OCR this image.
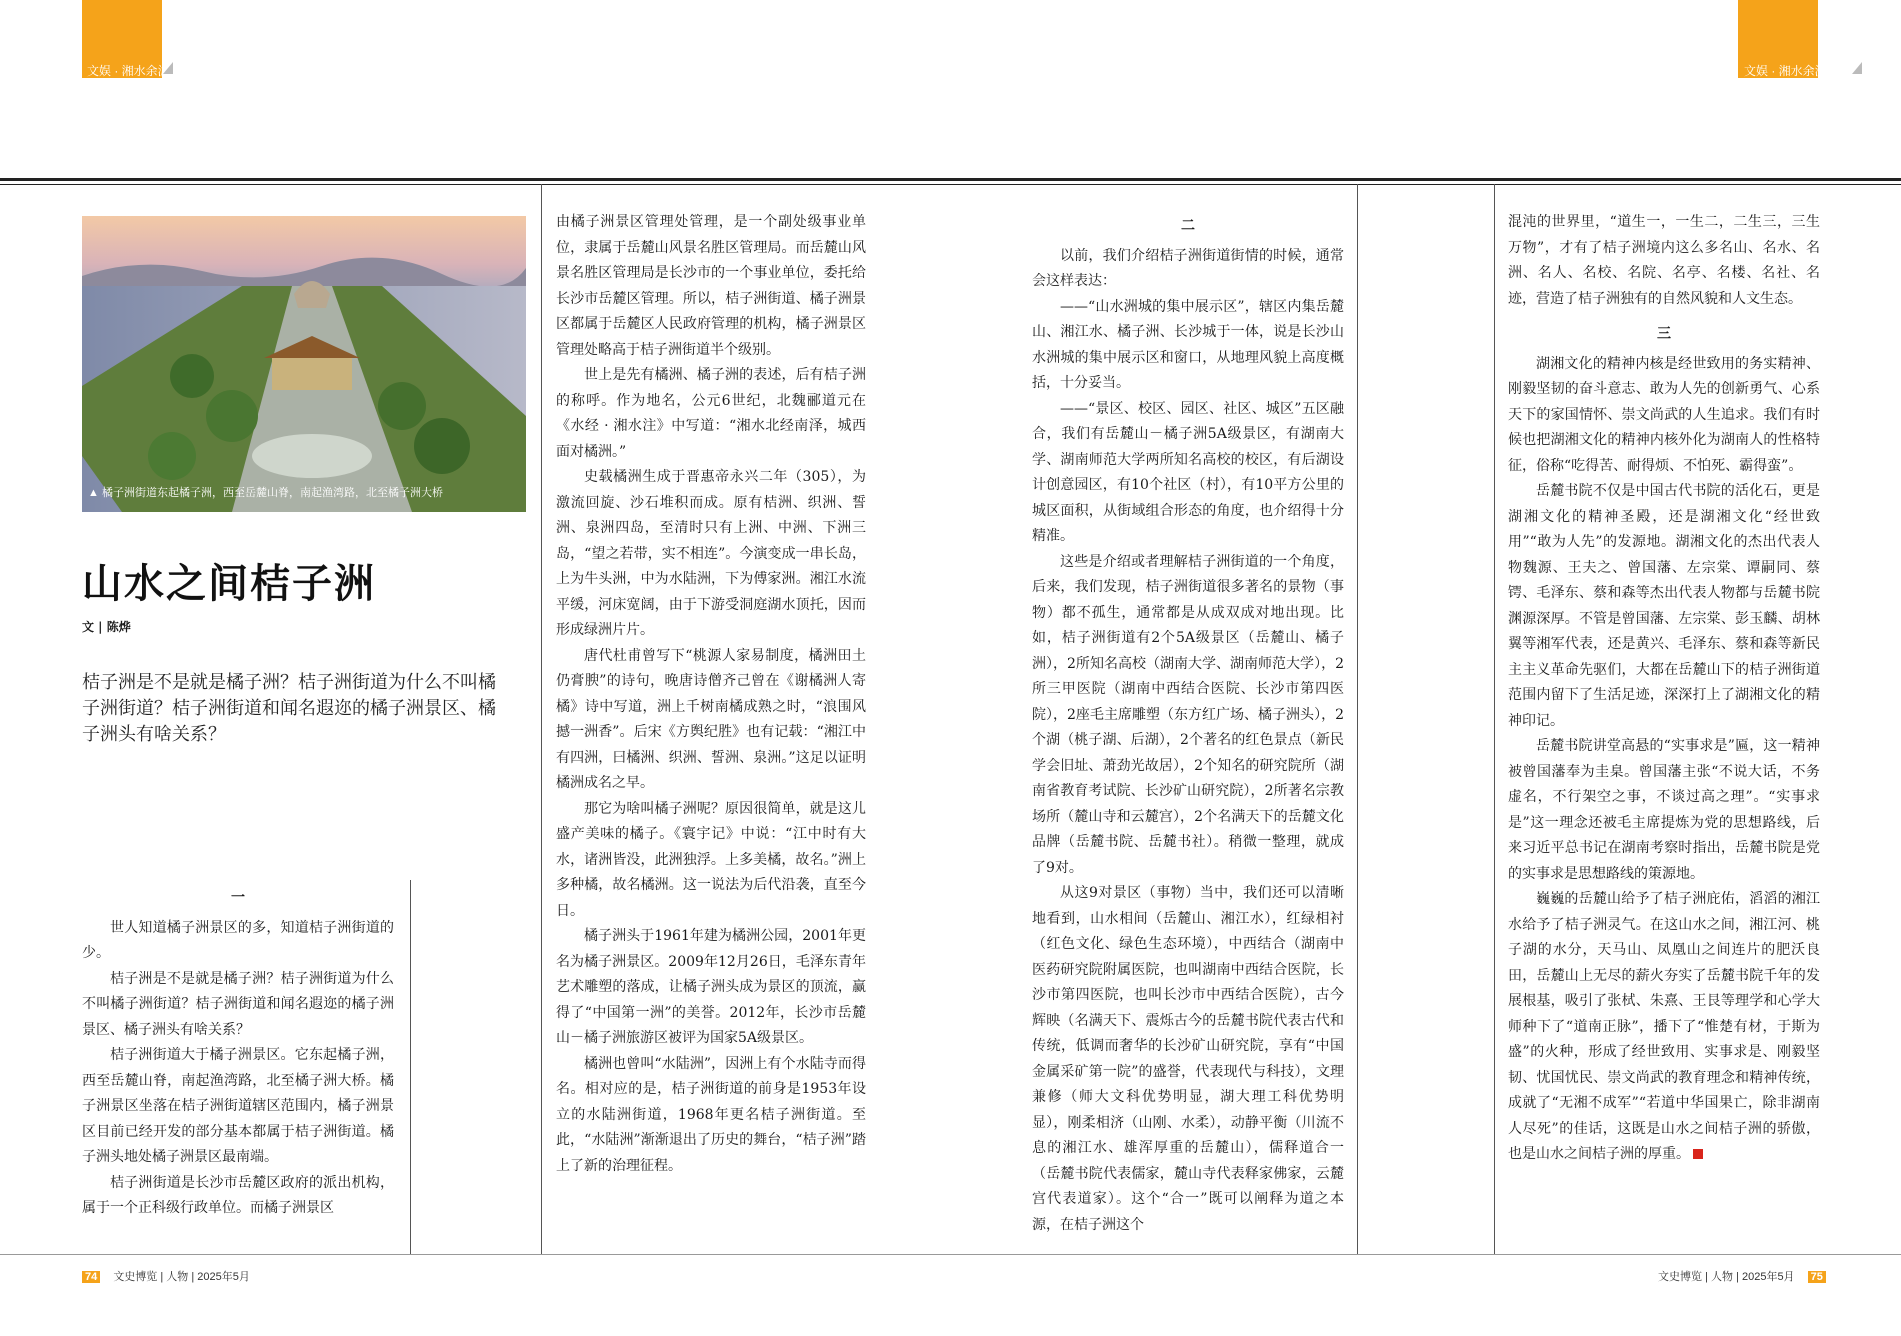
文娱 · 湘水余波	文娱 · 湘水余波
▲ 橘子洲街道东起橘子洲，西至岳麓山脊，南起渔湾路，北至橘子洲大桥
山水之间桔子洲
文 | 陈烨

桔子洲是不是就是橘子洲？桔子洲街道为什么不叫橘子洲街道？桔子洲街道和闻名遐迩的橘子洲景区、橘子洲头有啥关系？

一

世人知道橘子洲景区的多，知道桔子洲街道的少。

桔子洲是不是就是橘子洲？桔子洲街道为什么不叫橘子洲街道？桔子洲街道和闻名遐迩的橘子洲景区、橘子洲头有啥关系？

桔子洲街道大于橘子洲景区。它东起橘子洲，西至岳麓山脊，南起渔湾路，北至橘子洲大桥。橘子洲景区坐落在桔子洲街道辖区范围内，橘子洲景区目前已经开发的部分基本都属于桔子洲街道。橘子洲头地处橘子洲景区最南端。

桔子洲街道是长沙市岳麓区政府的派出机构，属于一个正科级行政单位。而橘子洲景区

由橘子洲景区管理处管理，是一个副处级事业单位，隶属于岳麓山风景名胜区管理局。而岳麓山风景名胜区管理局是长沙市的一个事业单位，委托给长沙市岳麓区管理。所以，桔子洲街道、橘子洲景区都属于岳麓区人民政府管理的机构，橘子洲景区管理处略高于桔子洲街道半个级别。

世上是先有橘洲、橘子洲的表述，后有桔子洲的称呼。作为地名，公元6世纪，北魏郦道元在《水经 · 湘水注》中写道：“湘水北经南泽，城西面对橘洲。”

史载橘洲生成于晋惠帝永兴二年（305），为激流回旋、沙石堆积而成。原有桔洲、织洲、誓洲、泉洲四岛，至清时只有上洲、中洲、下洲三岛，“望之若带，实不相连”。今演变成一串长岛，上为牛头洲，中为水陆洲，下为傅家洲。湘江水流平缓，河床宽阔，由于下游受洞庭湖水顶托，因而形成绿洲片片。

唐代杜甫曾写下“桃源人家易制度，橘洲田土仍膏腴”的诗句，晚唐诗僧齐己曾在《谢橘洲人寄橘》诗中写道，洲上千树南橘成熟之时，“浪围风撼一洲香”。后宋《方舆纪胜》也有记载：“湘江中有四洲，曰橘洲、织洲、誓洲、泉洲。”这足以证明橘洲成名之早。

那它为啥叫橘子洲呢？原因很简单，就是这儿盛产美味的橘子。《寰宇记》中说：“江中时有大水，诸洲皆没，此洲独浮。上多美橘，故名。”洲上多种橘，故名橘洲。这一说法为后代沿袭，直至今日。

橘子洲头于1961年建为橘洲公园，2001年更名为橘子洲景区。2009年12月26日，毛泽东青年艺术雕塑的落成，让橘子洲头成为景区的顶流，赢得了“中国第一洲”的美誉。2012年，长沙市岳麓山－橘子洲旅游区被评为国家5A级景区。

橘洲也曾叫“水陆洲”，因洲上有个水陆寺而得名。相对应的是，桔子洲街道的前身是1953年设立的水陆洲街道，1968年更名桔子洲街道。至此，“水陆洲”渐渐退出了历史的舞台，“桔子洲”踏上了新的治理征程。

二

以前，我们介绍桔子洲街道街情的时候，通常会这样表达：

——“山水洲城的集中展示区”，辖区内集岳麓山、湘江水、橘子洲、长沙城于一体，说是长沙山水洲城的集中展示区和窗口，从地理风貌上高度概括，十分妥当。

——“景区、校区、园区、社区、城区”五区融合，我们有岳麓山－橘子洲5A级景区，有湖南大学、湖南师范大学两所知名高校的校区，有后湖设计创意园区，有10个社区（村），有10平方公里的城区面积，从街域组合形态的角度，也介绍得十分精准。

这些是介绍或者理解桔子洲街道的一个角度，后来，我们发现，桔子洲街道很多著名的景物（事物）都不孤生，通常都是从成双成对地出现。比如，桔子洲街道有2个5A级景区（岳麓山、橘子洲），2所知名高校（湖南大学、湖南师范大学），2所三甲医院（湖南中西结合医院、长沙市第四医院），2座毛主席雕塑（东方红广场、橘子洲头），2个湖（桃子湖、后湖），2个著名的红色景点（新民学会旧址、萧劲光故居），2个知名的研究院所（湖南省教育考试院、长沙矿山研究院），2所著名宗教场所（麓山寺和云麓宫），2个名满天下的岳麓文化品牌（岳麓书院、岳麓书社）。稍微一整理，就成了9对。

从这9对景区（事物）当中，我们还可以清晰地看到，山水相间（岳麓山、湘江水），红绿相衬（红色文化、绿色生态环境），中西结合（湖南中医药研究院附属医院，也叫湖南中西结合医院，长沙市第四医院，也叫长沙市中西结合医院），古今辉映（名满天下、震烁古今的岳麓书院代表古代和传统，低调而奢华的长沙矿山研究院，享有“中国金属采矿第一院”的盛誉，代表现代与科技），文理兼修（师大文科优势明显，湖大理工科优势明显），刚柔相济（山刚、水柔），动静平衡（川流不息的湘江水、雄浑厚重的岳麓山），儒释道合一（岳麓书院代表儒家，麓山寺代表释家佛家，云麓宫代表道家）。这个“合一”既可以阐释为道之本源，在桔子洲这个

混沌的世界里，“道生一，一生二，二生三，三生万物”，才有了桔子洲境内这么多名山、名水、名洲、名人、名校、名院、名亭、名楼、名社、名迹，营造了桔子洲独有的自然风貌和人文生态。

三

湖湘文化的精神内核是经世致用的务实精神、刚毅坚韧的奋斗意志、敢为人先的创新勇气、心系天下的家国情怀、崇文尚武的人生追求。我们有时候也把湖湘文化的精神内核外化为湖南人的性格特征，俗称“吃得苦、耐得烦、不怕死、霸得蛮”。

岳麓书院不仅是中国古代书院的活化石，更是湖湘文化的精神圣殿，还是湖湘文化“经世致用”“敢为人先”的发源地。湖湘文化的杰出代表人物魏源、王夫之、曾国藩、左宗棠、谭嗣同、蔡锷、毛泽东、蔡和森等杰出代表人物都与岳麓书院渊源深厚。不管是曾国藩、左宗棠、彭玉麟、胡林翼等湘军代表，还是黄兴、毛泽东、蔡和森等新民主主义革命先驱们，大都在岳麓山下的桔子洲街道范围内留下了生活足迹，深深打上了湖湘文化的精神印记。

岳麓书院讲堂高悬的“实事求是”匾，这一精神被曾国藩奉为圭臬。曾国藩主张“不说大话，不务虚名，不行架空之事，不谈过高之理”。“实事求是”这一理念还被毛主席提炼为党的思想路线，后来习近平总书记在湖南考察时指出，岳麓书院是党的实事求是思想路线的策源地。

巍巍的岳麓山给予了桔子洲庇佑，滔滔的湘江水给予了桔子洲灵气。在这山水之间，湘江河、桃子湖的水分，天马山、凤凰山之间连片的肥沃良田，岳麓山上无尽的薪火夯实了岳麓书院千年的发展根基，吸引了张栻、朱熹、王艮等理学和心学大师种下了“道南正脉”，播下了“惟楚有材，于斯为盛”的火种，形成了经世致用、实事求是、刚毅坚韧、忧国忧民、崇文尚武的教育理念和精神传统，成就了“无湘不成军”“若道中华国果亡，除非湖南人尽死”的佳话，这既是山水之间桔子洲的骄傲，也是山水之间桔子洲的厚重。

74 文史博览 | 人物 | 2025年5月	文史博览 | 人物 | 2025年5月 75
